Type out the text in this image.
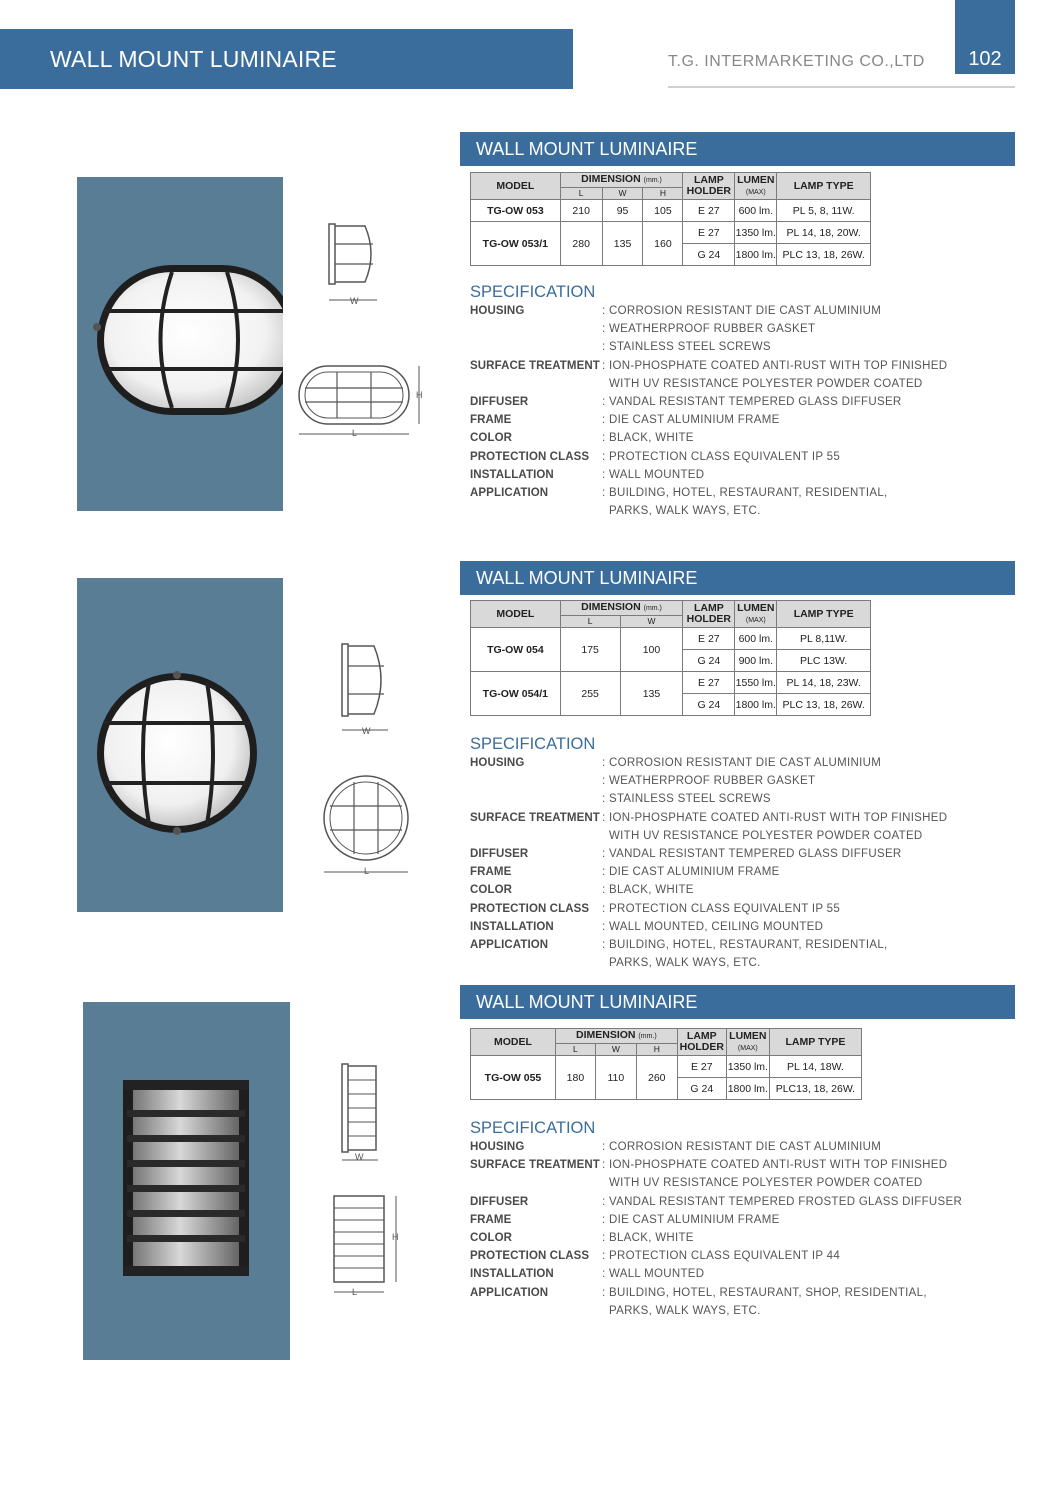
WALL MOUNT LUMINAIRE	T.G. INTERMARKETING CO.,LTD	102
W
H
L
WALL MOUNT LUMINAIRE
MODEL	DIMENSION (mm.)			LAMP
HOLDER	LUMEN
(MAX)	LAMP TYPE
	L	W	H			
TG-OW 053	210	95	105	E 27	600 lm.	PL 5, 8, 11W.
TG-OW 053/1	280	135	160	E 27	1350 lm.	PL 14, 18, 20W.
				G 24	1800 lm.	PLC 13, 18, 26W.
SPECIFICATION
HOUSING	: CORROSION RESISTANT DIE CAST ALUMINIUM
: WEATHERPROOF RUBBER GASKET
: STAINLESS STEEL SCREWS
SURFACE TREATMENT : ION-PHOSPHATE COATED ANTI-RUST WITH TOP FINISHED
WITH UV RESISTANCE POLYESTER POWDER COATED
DIFFUSER	: VANDAL RESISTANT TEMPERED GLASS DIFFUSER
FRAME	: DIE CAST ALUMINIUM FRAME
COLOR	: BLACK, WHITE
PROTECTION CLASS	: PROTECTION CLASS EQUIVALENT IP 55
INSTALLATION	: WALL MOUNTED
APPLICATION	: BUILDING, HOTEL, RESTAURANT, RESIDENTIAL,
PARKS, WALK WAYS, ETC.
W
L
WALL MOUNT LUMINAIRE
MODEL	DIMENSION (mm.)		LAMP
HOLDER	LUMEN
(MAX)	LAMP TYPE
	L	W			
TG-OW 054	175	100	E 27	600 lm.	PL 8,11W.
			G 24	900 lm.	PLC 13W.
TG-OW 054/1	255	135	E 27	1550 lm.	PL 14, 18, 23W.
			G 24	1800 lm.	PLC 13, 18, 26W.
SPECIFICATION
HOUSING	: CORROSION RESISTANT DIE CAST ALUMINIUM
: WEATHERPROOF RUBBER GASKET
: STAINLESS STEEL SCREWS
SURFACE TREATMENT : ION-PHOSPHATE COATED ANTI-RUST WITH TOP FINISHED
WITH UV RESISTANCE POLYESTER POWDER COATED
DIFFUSER	: VANDAL RESISTANT TEMPERED GLASS DIFFUSER
FRAME	: DIE CAST ALUMINIUM FRAME
COLOR	: BLACK, WHITE
PROTECTION CLASS	: PROTECTION CLASS EQUIVALENT IP 55
INSTALLATION	: WALL MOUNTED, CEILING MOUNTED
APPLICATION	: BUILDING, HOTEL, RESTAURANT, RESIDENTIAL,
PARKS, WALK WAYS, ETC.
W
H
L
WALL MOUNT LUMINAIRE
MODEL	DIMENSION (mm.)			LAMP
HOLDER	LUMEN
(MAX)	LAMP TYPE
	L	W	H			
TG-OW 055	180	110	260	E 27	1350 lm.	PL 14, 18W.
				G 24	1800 lm.	PLC13, 18, 26W.
SPECIFICATION
HOUSING	: CORROSION RESISTANT DIE CAST ALUMINIUM
SURFACE TREATMENT : ION-PHOSPHATE COATED ANTI-RUST WITH TOP FINISHED
WITH UV RESISTANCE POLYESTER POWDER COATED
DIFFUSER	: VANDAL RESISTANT TEMPERED FROSTED GLASS DIFFUSER
FRAME	: DIE CAST ALUMINIUM FRAME
COLOR	: BLACK, WHITE
PROTECTION CLASS	: PROTECTION CLASS EQUIVALENT IP 44
INSTALLATION	: WALL MOUNTED
APPLICATION	: BUILDING, HOTEL, RESTAURANT, SHOP, RESIDENTIAL,
PARKS, WALK WAYS, ETC.
